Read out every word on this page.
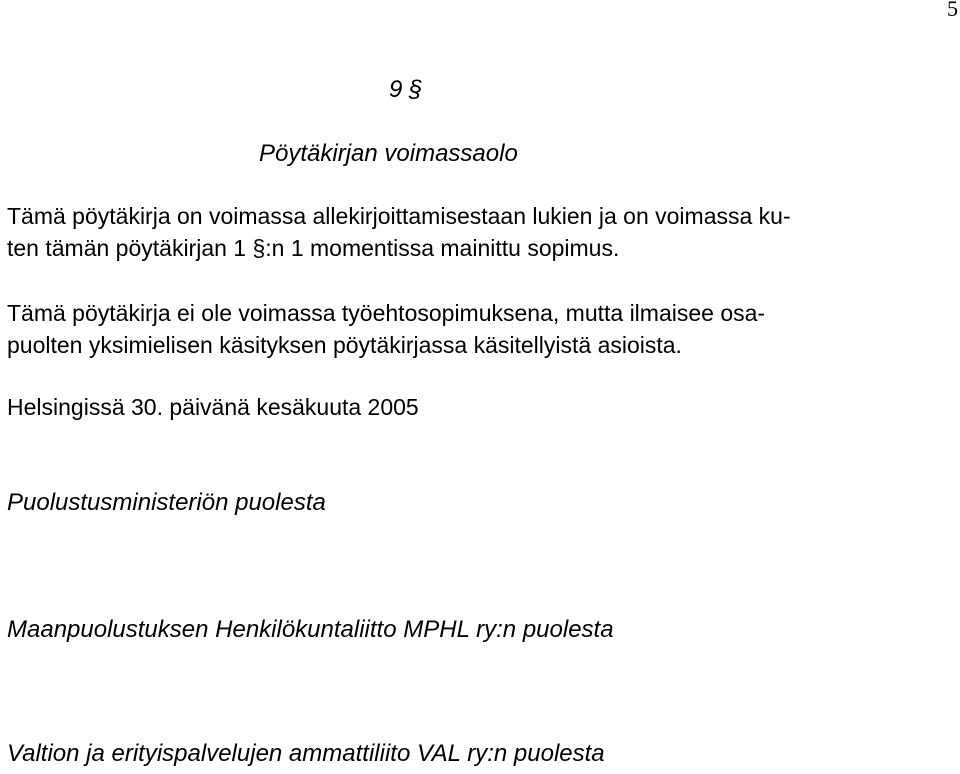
5
9 §
Pöytäkirjan voimassaolo
Tämä pöytäkirja on voimassa allekirjoittamisestaan lukien ja on voimassa ku-
ten tämän pöytäkirjan 1 §:n 1 momentissa mainittu sopimus.
Tämä pöytäkirja ei ole voimassa työehtosopimuksena, mutta ilmaisee osa-
puolten yksimielisen käsityksen pöytäkirjassa käsitellyistä asioista.
Helsingissä 30. päivänä kesäkuuta 2005
Puolustusministeriön puolesta
Maanpuolustuksen Henkilökuntaliitto MPHL ry:n puolesta
Valtion ja erityispalvelujen ammattiliito VAL ry:n puolesta
